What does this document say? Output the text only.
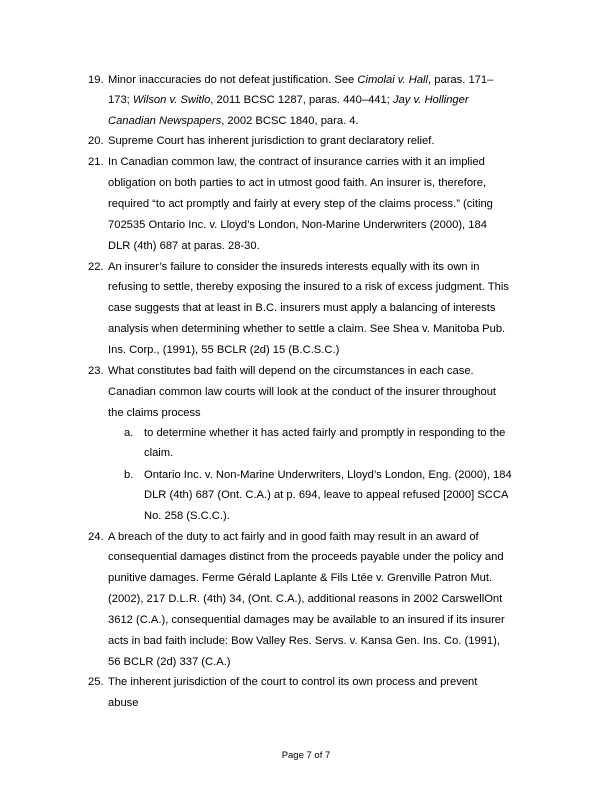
19. Minor inaccuracies do not defeat justification. See Cimolai v. Hall, paras. 171–
173; Wilson v. Switlo, 2011 BCSC 1287, paras. 440–441; Jay v. Hollinger
Canadian Newspapers, 2002 BCSC 1840, para. 4.
20. Supreme Court has inherent jurisdiction to grant declaratory relief.
21. In Canadian common law, the contract of insurance carries with it an implied
obligation on both parties to act in utmost good faith. An insurer is, therefore,
required “to act promptly and fairly at every step of the claims process.” (citing
702535 Ontario Inc. v. Lloyd’s London, Non-Marine Underwriters (2000), 184
DLR (4th) 687 at paras. 28-30.
22. An insurer’s failure to consider the insureds interests equally with its own in
refusing to settle, thereby exposing the insured to a risk of excess judgment. This
case suggests that at least in B.C. insurers must apply a balancing of interests
analysis when determining whether to settle a claim. See Shea v. Manitoba Pub.
Ins. Corp., (1991), 55 BCLR (2d) 15 (B.C.S.C.)
23. What constitutes bad faith will depend on the circumstances in each case.
Canadian common law courts will look at the conduct of the insurer throughout
the claims process
24. A breach of the duty to act fairly and in good faith may result in an award of
consequential damages distinct from the proceeds payable under the policy and
punitive damages. Ferme Gérald Laplante & Fils Ltée v. Grenville Patron Mut.
(2002), 217 D.L.R. (4th) 34, (Ont. C.A.), additional reasons in 2002 CarswellOnt
3612 (C.A.), consequential damages may be available to an insured if its insurer
acts in bad faith include: Bow Valley Res. Servs. v. Kansa Gen. Ins. Co. (1991),
56 BCLR (2d) 337 (C.A.)
25. The inherent jurisdiction of the court to control its own process and prevent
abuse
a. to determine whether it has acted fairly and promptly in responding to the
claim.
b. Ontario Inc. v. Non-Marine Underwriters, Lloyd’s London, Eng. (2000), 184
DLR (4th) 687 (Ont. C.A.) at p. 694, leave to appeal refused [2000] SCCA
No. 258 (S.C.C.).
Page 7 of 7
